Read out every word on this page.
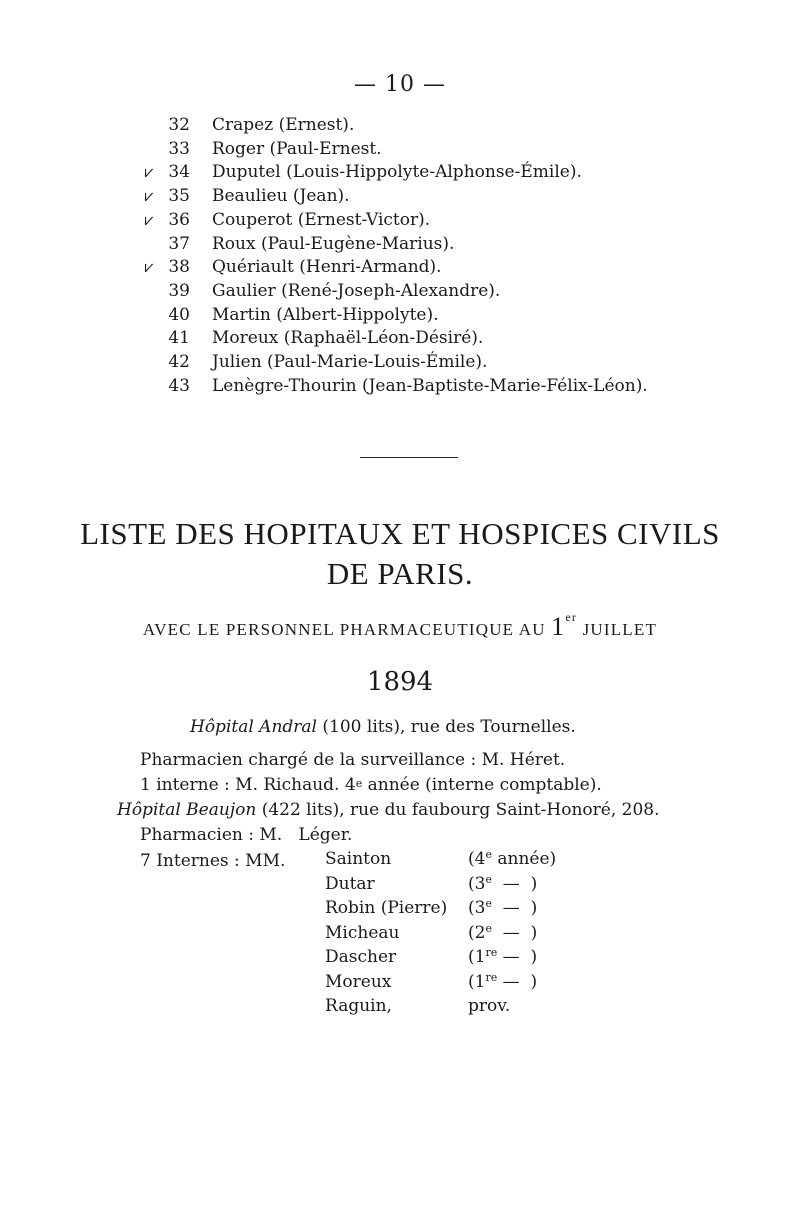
— 10 —
32 Crapez (Ernest).
33 Roger (Paul-Ernest.
⩗ 34 Duputel (Louis-Hippolyte-Alphonse-Émile).
⩗ 35 Beaulieu (Jean).
⩗ 36 Couperot (Ernest-Victor).
37 Roux (Paul-Eugène-Marius).
⩗ 38 Quériault (Henri-Armand).
39 Gaulier (René-Joseph-Alexandre).
40 Martin (Albert-Hippolyte).
41 Moreux (Raphaël-Léon-Désiré).
42 Julien (Paul-Marie-Louis-Émile).
43 Lenègre-Thourin (Jean-Baptiste-Marie-Félix-Léon).
LISTE DES HOPITAUX ET HOSPICES CIVILS
DE PARIS.
AVEC LE PERSONNEL PHARMACEUTIQUE AU 1er JUILLET
1894
Hôpital Andral (100 lits), rue des Tournelles.
Pharmacien chargé de la surveillance : M. Héret.
1 interne : M. Richaud. 4e année (interne comptable).
Hôpital Beaujon (422 lits), rue du faubourg Saint-Honoré, 208.
Pharmacien : M.   Léger.
7 Internes : MM. Sainton	(4e année)
Dutar	(3e  —  )
Robin (Pierre) (3e  —  )
Micheau	(2e  —  )
Dascher	(1re —  )
Moreux	(1re —  )
Raguin,	prov.
